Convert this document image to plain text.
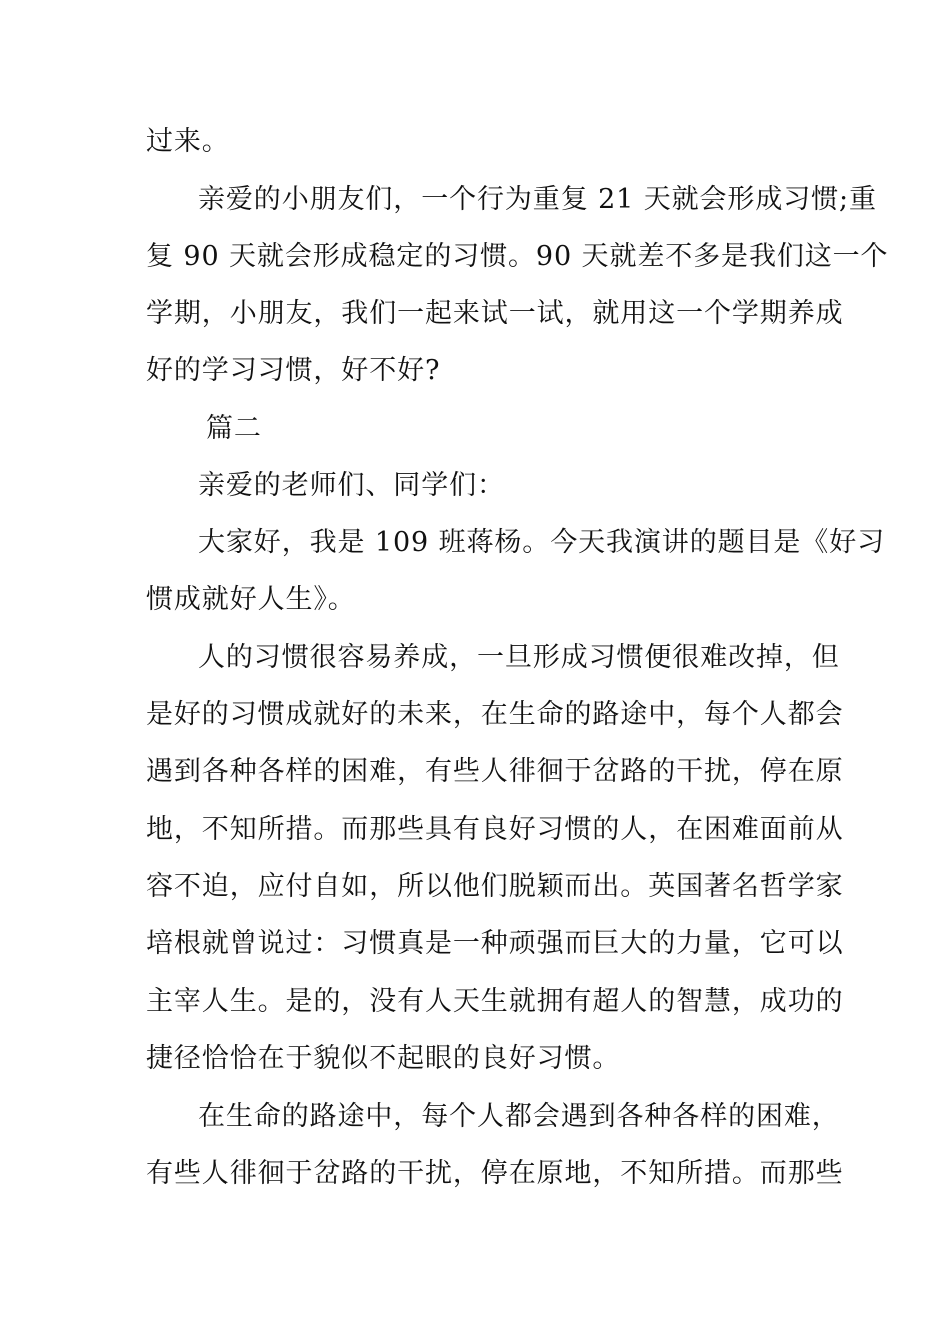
过来。
亲爱的小朋友们，一个行为重复 21 天就会形成习惯;重
复 90 天就会形成稳定的习惯。90 天就差不多是我们这一个
学期，小朋友，我们一起来试一试，就用这一个学期养成
好的学习习惯，好不好?
篇二
亲爱的老师们、同学们：
大家好，我是 109 班蒋杨。今天我演讲的题目是《好习
惯成就好人生》。
人的习惯很容易养成，一旦形成习惯便很难改掉，但
是好的习惯成就好的未来，在生命的路途中，每个人都会
遇到各种各样的困难，有些人徘徊于岔路的干扰，停在原
地，不知所措。而那些具有良好习惯的人，在困难面前从
容不迫，应付自如，所以他们脱颖而出。英国著名哲学家
培根就曾说过：习惯真是一种顽强而巨大的力量，它可以
主宰人生。是的，没有人天生就拥有超人的智慧，成功的
捷径恰恰在于貌似不起眼的良好习惯。
在生命的路途中，每个人都会遇到各种各样的困难，
有些人徘徊于岔路的干扰，停在原地，不知所措。而那些
